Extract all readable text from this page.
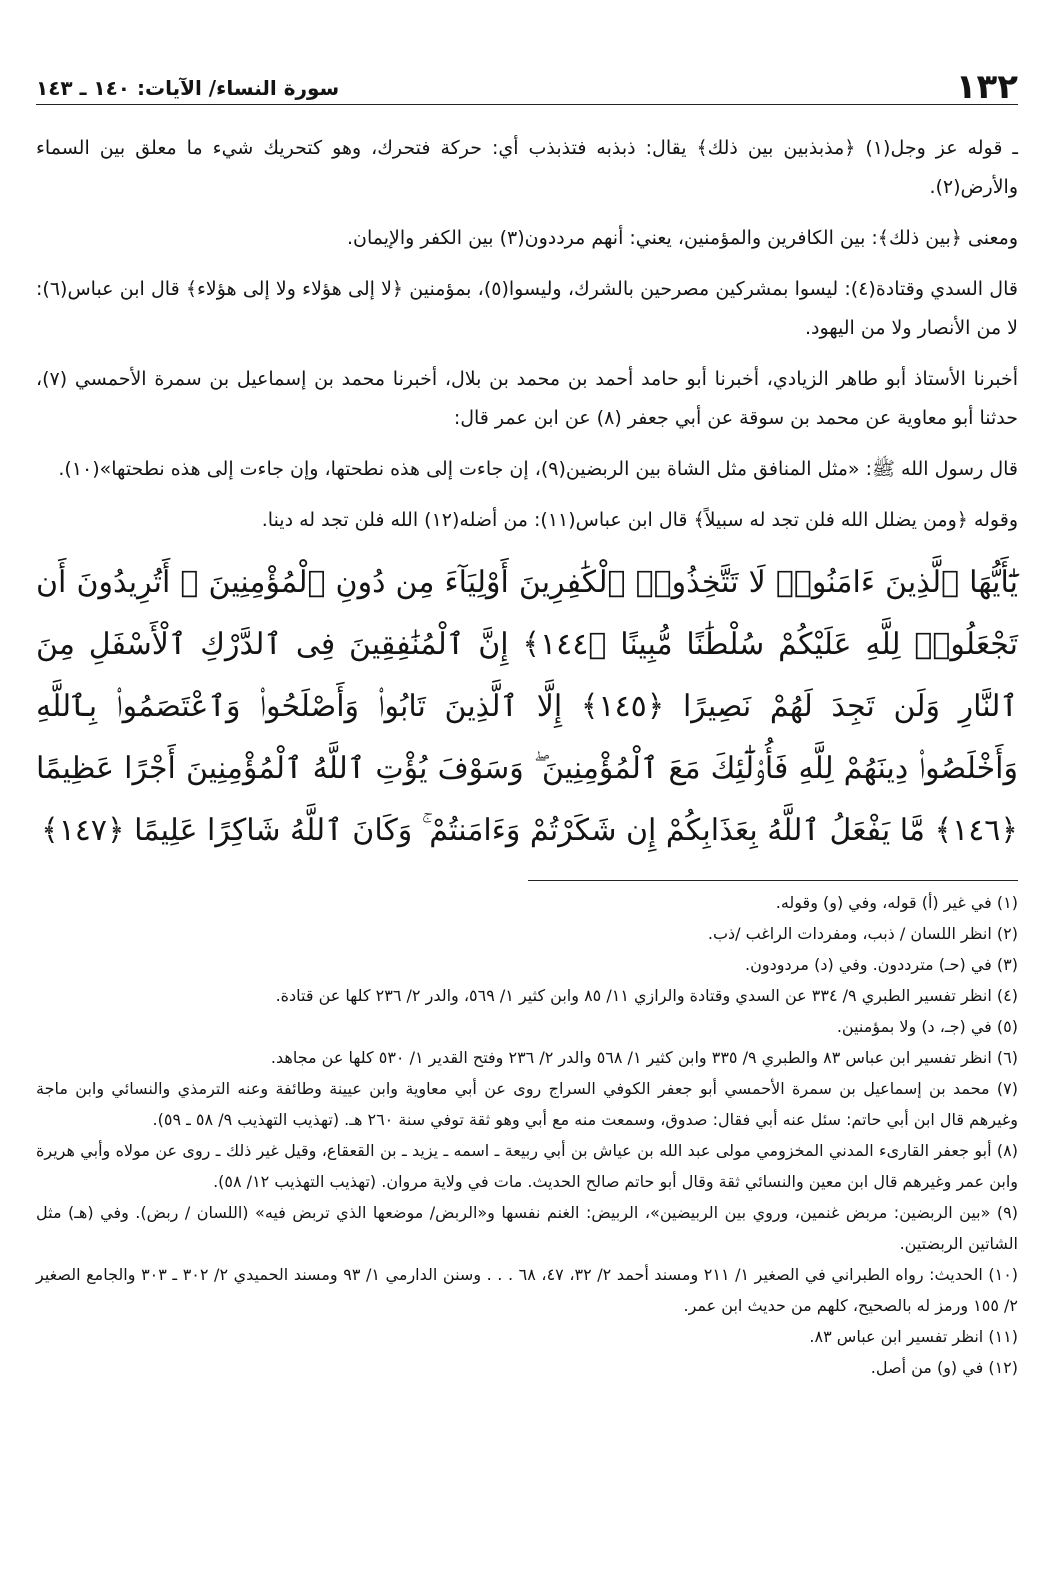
١٣٢
سورة النساء/ الآيات: ١٤٠ ـ ١٤٣

ـ قوله عز وجل(١) ﴿مذبذبين بين ذلك﴾ يقال: ذبذبه فتذبذب أي: حركة فتحرك، وهو كتحريك شيء ما معلق بين السماء والأرض(٢).

ومعنى ﴿بين ذلك﴾: بين الكافرين والمؤمنين، يعني: أنهم مرددون(٣) بين الكفر والإيمان.

قال السدي وقتادة(٤): ليسوا بمشركين مصرحين بالشرك، وليسوا(٥)، بمؤمنين ﴿لا إلى هؤلاء ولا إلى هؤلاء﴾ قال ابن عباس(٦): لا من الأنصار ولا من اليهود.

أخبرنا الأستاذ أبو طاهر الزيادي، أخبرنا أبو حامد أحمد بن محمد بن بلال، أخبرنا محمد بن إسماعيل بن سمرة الأحمسي (٧)، حدثنا أبو معاوية عن محمد بن سوقة عن أبي جعفر (٨) عن ابن عمر قال:

قال رسول الله ﷺ: «مثل المنافق مثل الشاة بين الربضين(٩)، إن جاءت إلى هذه نطحتها، وإن جاءت إلى هذه نطحتها»(١٠).

وقوله ﴿ومن يضلل الله فلن تجد له سبيلاً﴾ قال ابن عباس(١١): من أضله(١٢) الله فلن تجد له دينا.

يَٰٓأَيُّهَا ٱلَّذِينَ ءَامَنُوا۟ لَا تَتَّخِذُوا۟ ٱلْكَٰفِرِينَ أَوْلِيَآءَ مِن دُونِ ٱلْمُؤْمِنِينَ ۚ أَتُرِيدُونَ أَن تَجْعَلُوا۟ لِلَّهِ عَلَيْكُمْ سُلْطَٰنًا مُّبِينًا ﴿١٤٤﴾ إِنَّ ٱلْمُنَٰفِقِينَ فِى ٱلدَّرْكِ ٱلْأَسْفَلِ مِنَ ٱلنَّارِ وَلَن تَجِدَ لَهُمْ نَصِيرًا ﴿١٤٥﴾ إِلَّا ٱلَّذِينَ تَابُوا۟ وَأَصْلَحُوا۟ وَٱعْتَصَمُوا۟ بِٱللَّهِ وَأَخْلَصُوا۟ دِينَهُمْ لِلَّهِ فَأُو۟لَٰٓئِكَ مَعَ ٱلْمُؤْمِنِينَ ۖ وَسَوْفَ يُؤْتِ ٱللَّهُ ٱلْمُؤْمِنِينَ أَجْرًا عَظِيمًا ﴿١٤٦﴾ مَّا يَفْعَلُ ٱللَّهُ بِعَذَابِكُمْ إِن شَكَرْتُمْ وَءَامَنتُمْ ۚ وَكَانَ ٱللَّهُ شَاكِرًا عَلِيمًا ﴿١٤٧﴾

(١) في غير (أ) قوله، وفي (و) وقوله.

(٢) انظر اللسان / ذبب، ومفردات الراغب /ذب.

(٣) في (حـ) مترددون. وفي (د) مردودون.

(٤) انظر تفسير الطبري ٩/ ٣٣٤ عن السدي وقتادة والرازي ١١/ ٨٥ وابن كثير ١/ ٥٦٩، والدر ٢/ ٢٣٦ كلها عن قتادة.

(٥) في (جـ، د) ولا بمؤمنين.

(٦) انظر تفسير ابن عباس ٨٣ والطبري ٩/ ٣٣٥ وابن كثير ١/ ٥٦٨ والدر ٢/ ٢٣٦ وفتح القدير ١/ ٥٣٠ كلها عن مجاهد.

(٧) محمد بن إسماعيل بن سمرة الأحمسي أبو جعفر الكوفي السراج روى عن أبي معاوية وابن عيينة وطائفة وعنه الترمذي والنسائي وابن ماجة وغيرهم قال ابن أبي حاتم: سئل عنه أبي فقال: صدوق، وسمعت منه مع أبي وهو ثقة توفي سنة ٢٦٠ هـ. (تهذيب التهذيب ٩/ ٥٨ ـ ٥٩).

(٨) أبو جعفر القارىء المدني المخزومي مولى عبد الله بن عياش بن أبي ربيعة ـ اسمه ـ يزيد ـ بن القعقاع، وقيل غير ذلك ـ روى عن مولاه وأبي هريرة وابن عمر وغيرهم قال ابن معين والنسائي ثقة وقال أبو حاتم صالح الحديث. مات في ولاية مروان. (تهذيب التهذيب ١٢/ ٥٨).

(٩) «بين الربضين: مربض غنمين، وروي بين الربيضين»، الربيض: الغنم نفسها و«الربض/ موضعها الذي تربض فيه» (اللسان / ربض). وفي (هـ) مثل الشاتين الربضتين.

(١٠) الحديث: رواه الطبراني في الصغير ١/ ٢١١ ومسند أحمد ٢/ ٣٢، ٤٧، ٦٨ . . . وسنن الدارمي ١/ ٩٣ ومسند الحميدي ٢/ ٣٠٢ ـ ٣٠٣ والجامع الصغير ٢/ ١٥٥ ورمز له بالصحيح، كلهم من حديث ابن عمر.

(١١) انظر تفسير ابن عباس ٨٣.

(١٢) في (و) من أصل.
